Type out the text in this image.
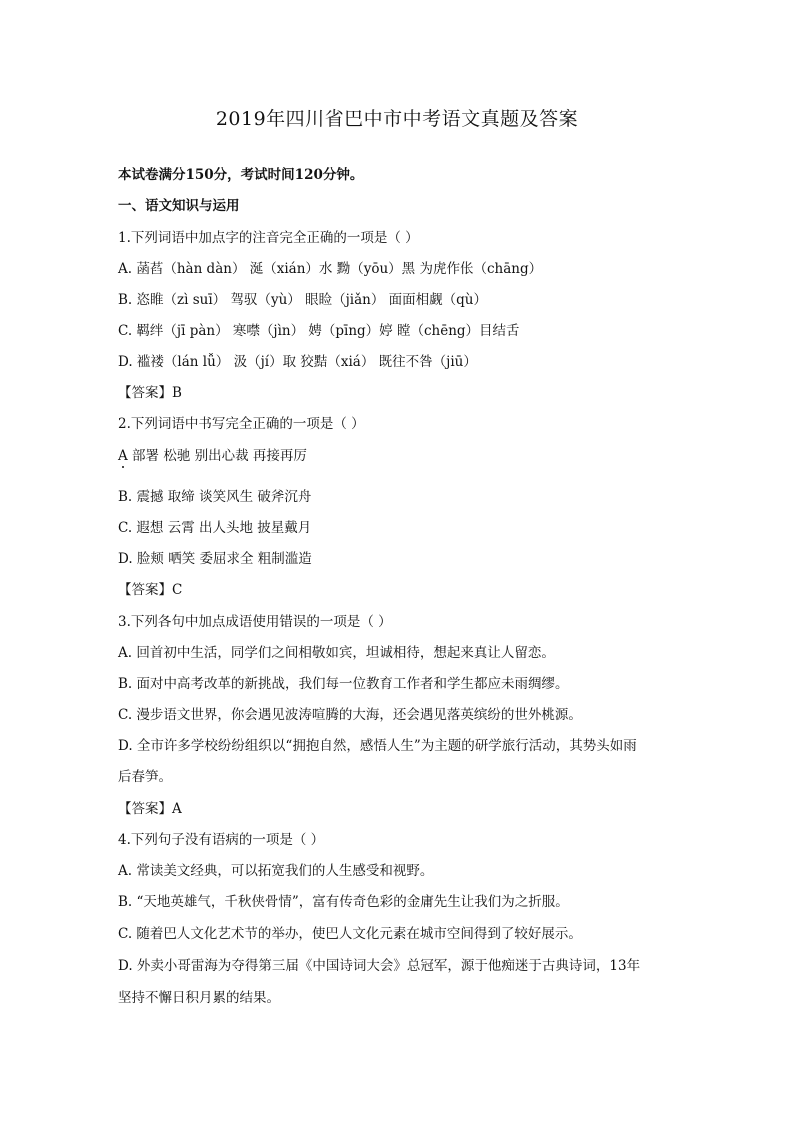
2019年四川省巴中市中考语文真题及答案
本试卷满分150分，考试时间120分钟。
一、语文知识与运用
1.下列词语中加点字的注音完全正确的一项是（ ）
A. 菡萏（hàn dàn） 涎（xián）水 黝（yōu）黑 为虎作伥（chāng）
B. 恣睢（zì suī） 驾驭（yù） 眼睑（jiǎn） 面面相觑（qù）
C. 羁绊（jī pàn） 寒噤（jìn） 娉（pīng）婷 瞠（chēng）目结舌
D. 褴褛（lán lǚ） 汲（jí）取 狡黠（xiá） 既往不咎（jiū）
【答案】B
2.下列词语中书写完全正确的一项是（ ）
A 部署 松驰 别出心裁 再接再厉
B. 震撼 取缔 谈笑风生 破斧沉舟
C. 遐想 云霄 出人头地 披星戴月
D. 脸颊 哂笑 委屈求全 粗制滥造
【答案】C
3.下列各句中加点成语使用错误的一项是（ ）
A. 回首初中生活，同学们之间相敬如宾，坦诚相待，想起来真让人留恋。
B. 面对中高考改革的新挑战，我们每一位教育工作者和学生都应未雨绸缪。
C. 漫步语文世界，你会遇见波涛喧腾的大海，还会遇见落英缤纷的世外桃源。
D. 全市许多学校纷纷组织以“拥抱自然，感悟人生”为主题的研学旅行活动，其势头如雨
后春笋。
【答案】A
4.下列句子没有语病的一项是（ ）
A. 常读美文经典，可以拓宽我们的人生感受和视野。
B. “天地英雄气，千秋侠骨情”，富有传奇色彩的金庸先生让我们为之折服。
C. 随着巴人文化艺术节的举办，使巴人文化元素在城市空间得到了较好展示。
D. 外卖小哥雷海为夺得第三届《中国诗词大会》总冠军，源于他痴迷于古典诗词，13年
坚持不懈日积月累的结果。
